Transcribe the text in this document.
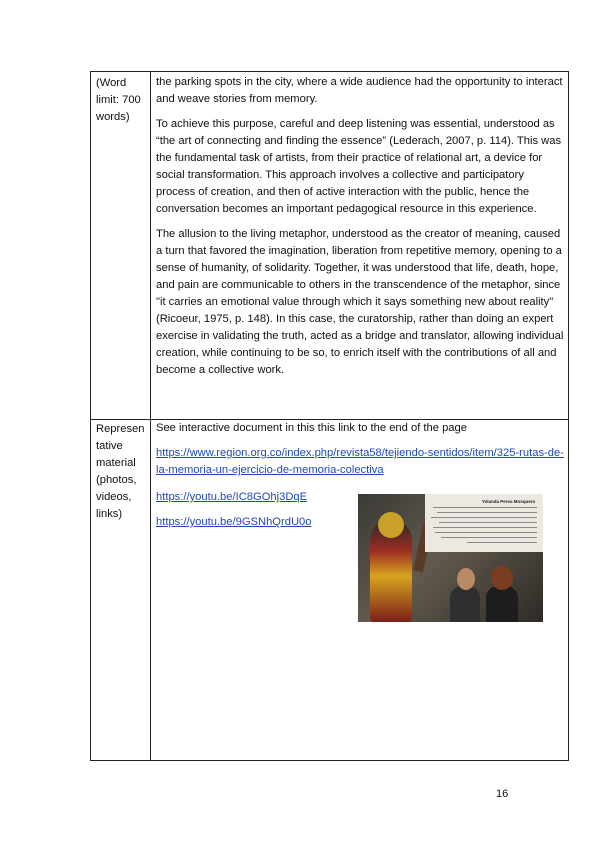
(Word limit: 700 words)

the parking spots in the city, where a wide audience had the opportunity to interact and weave stories from memory.

To achieve this purpose, careful and deep listening was essential, understood as “the art of connecting and finding the essence” (Lederach, 2007, p. 114). This was the fundamental task of artists, from their practice of relational art, a device for social transformation. This approach involves a collective and participatory process of creation, and then of active interaction with the public, hence the conversation becomes an important pedagogical resource in this experience.

The allusion to the living metaphor, understood as the creator of meaning, caused a turn that favored the imagination, liberation from repetitive memory, opening to a sense of humanity, of solidarity. Together, it was understood that life, death, hope, and pain are communicable to others in the transcendence of the metaphor, since "it carries an emotional value through which it says something new about reality" (Ricoeur, 1975, p. 148). In this case, the curatorship, rather than doing an expert exercise in validating the truth, acted as a bridge and translator, allowing individual creation, while continuing to be so, to enrich itself with the contributions of all and become a collective work.

Represen tative material (photos, videos, links)

See interactive document in this this link to the end of the page

https://www.region.org.co/index.php/revista58/tejiendo-sentidos/item/325-rutas-de-la-memoria-un-ejercicio-de-memoria-colectiva
https://youtu.be/IC8GOhj3DqE
https://youtu.be/9GSNhQrdU0o
Yolanda Perea Mosquera
16
